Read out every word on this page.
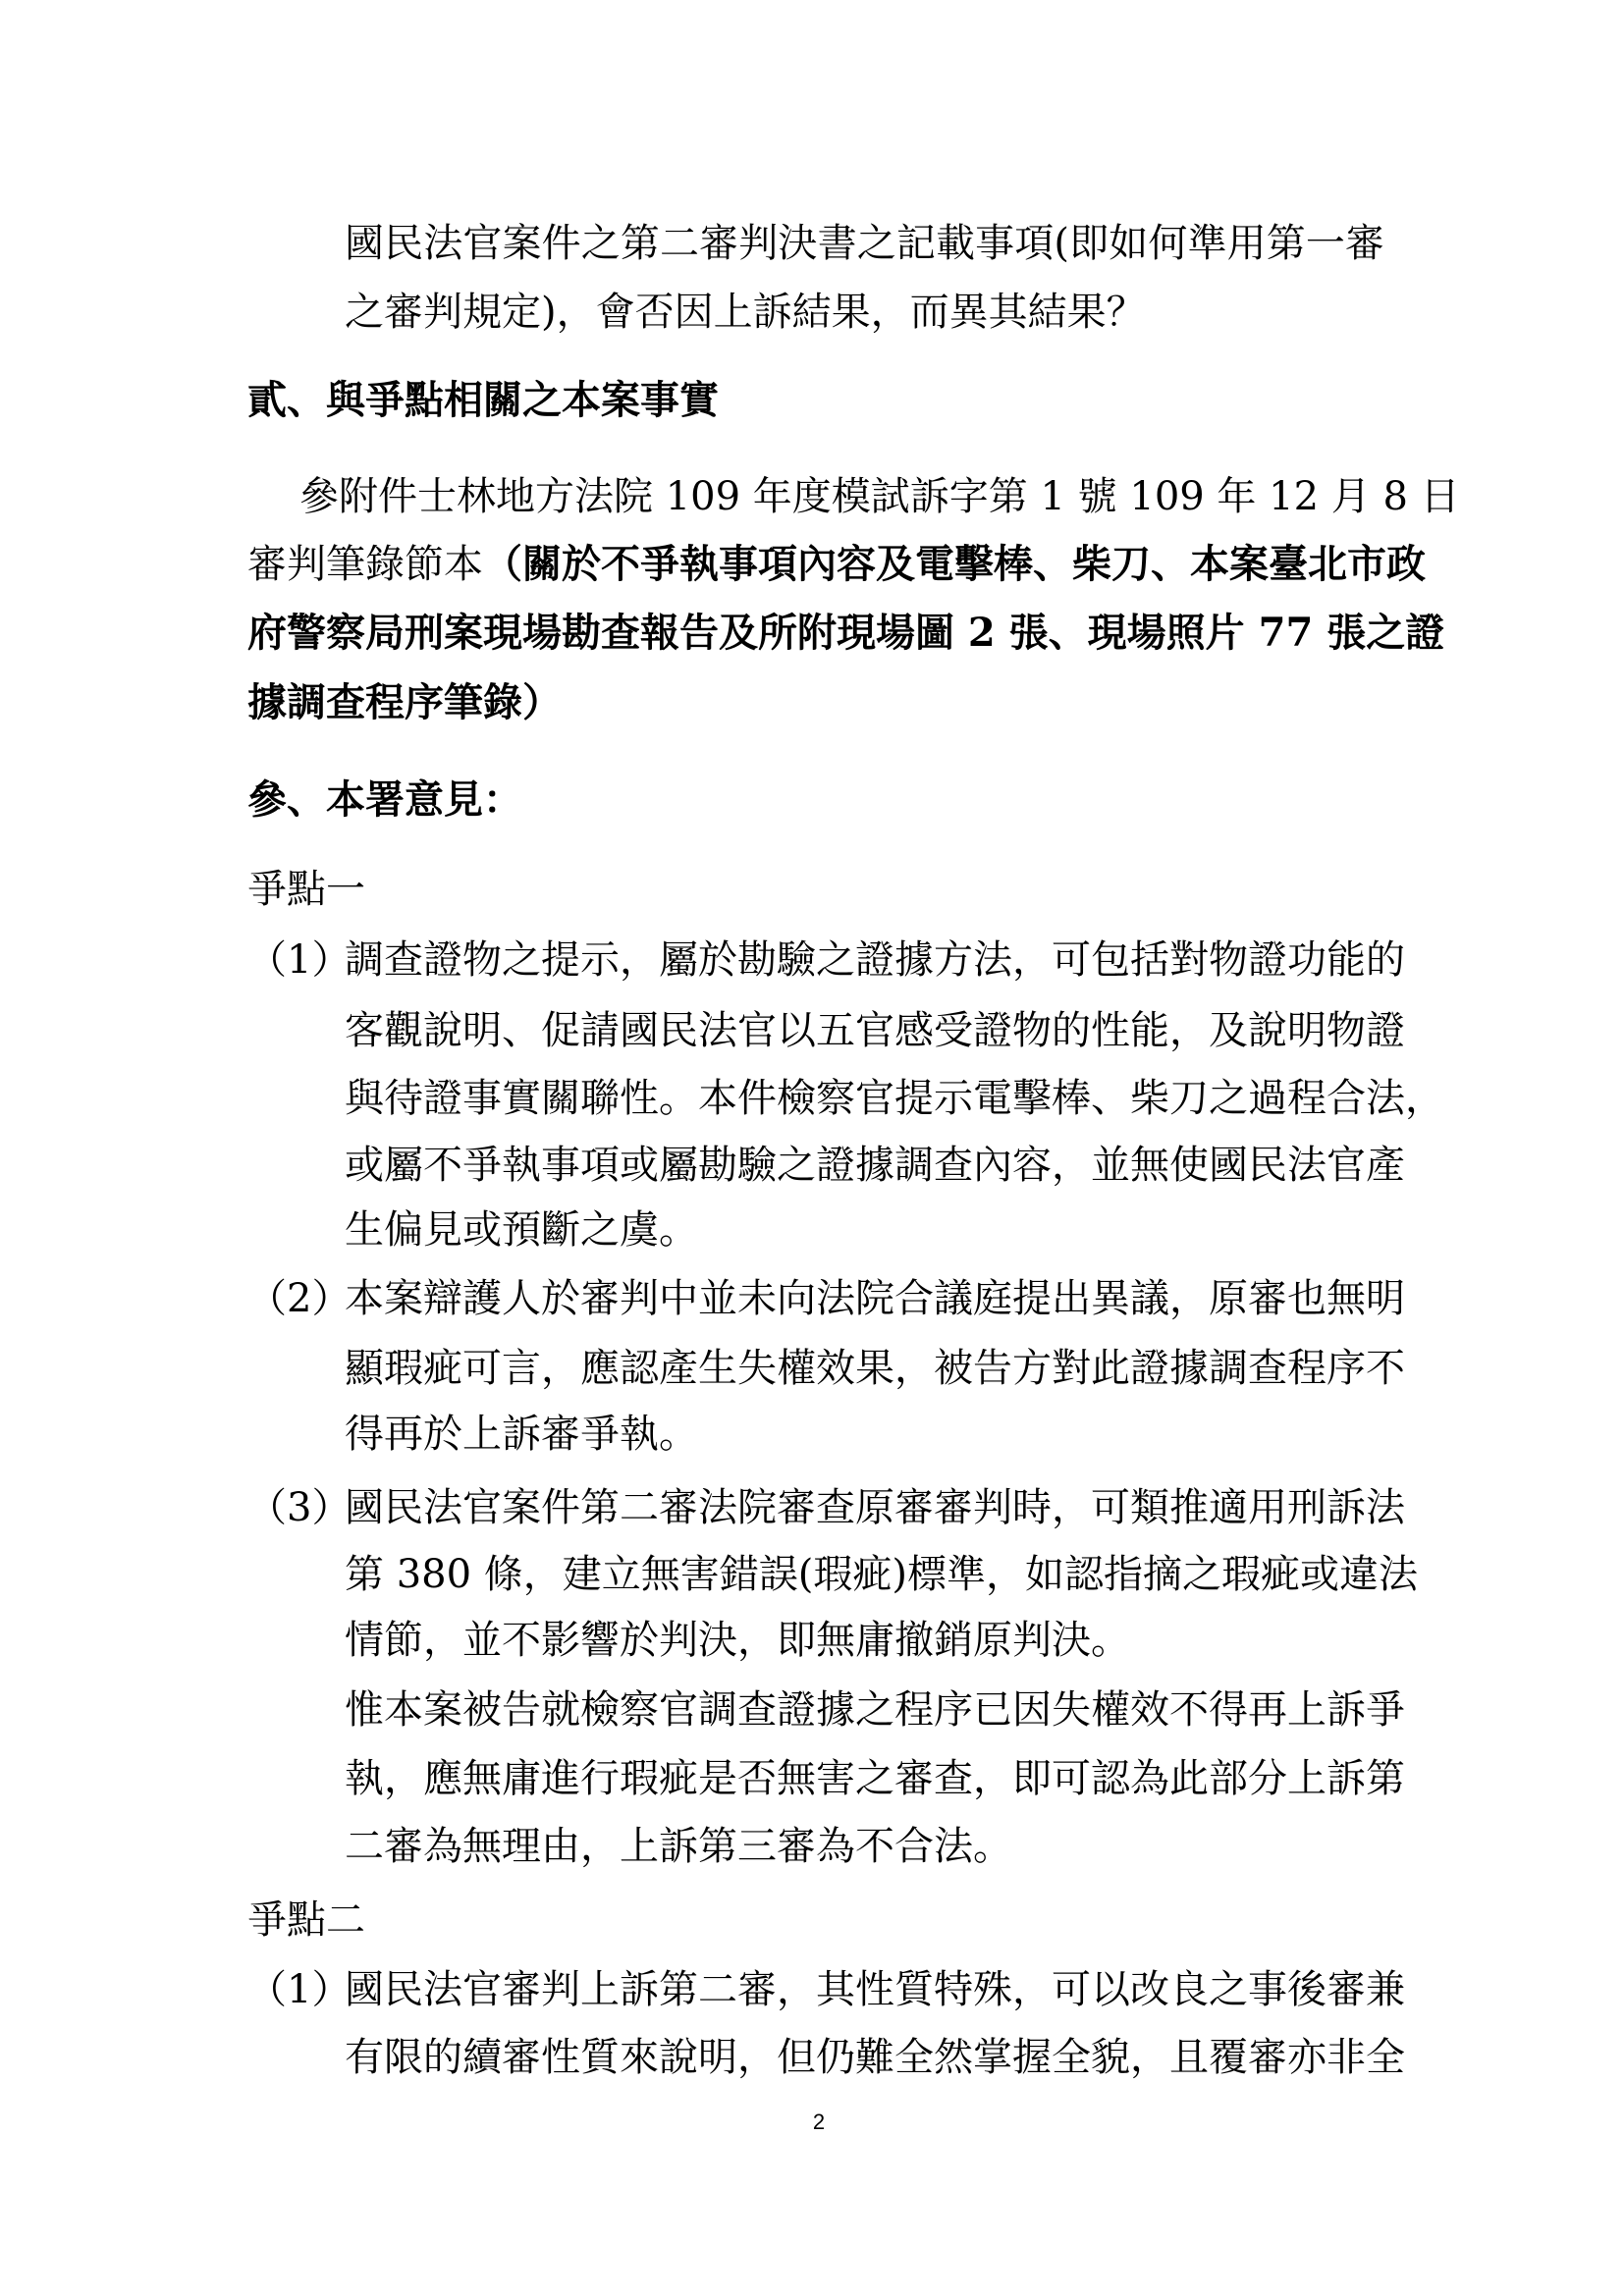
國民法官案件之第二審判決書之記載事項(即如何準用第一審
之審判規定)，會否因上訴結果，而異其結果？
貳、與爭點相關之本案事實
參附件士林地方法院 109 年度模試訴字第 1 號 109 年 12 月 8 日
審判筆錄節本（關於不爭執事項內容及電擊棒、柴刀、本案臺北市政
府警察局刑案現場勘查報告及所附現場圖 2 張、現場照片 77 張之證
據調查程序筆錄）
參、本署意見：
爭點一
（1）
調查證物之提示，屬於勘驗之證據方法，可包括對物證功能的
客觀說明、促請國民法官以五官感受證物的性能，及說明物證
與待證事實關聯性。本件檢察官提示電擊棒、柴刀之過程合法，
或屬不爭執事項或屬勘驗之證據調查內容，並無使國民法官產
生偏見或預斷之虞。
（2）
本案辯護人於審判中並未向法院合議庭提出異議，原審也無明
顯瑕疵可言，應認產生失權效果，被告方對此證據調查程序不
得再於上訴審爭執。
（3）
國民法官案件第二審法院審查原審審判時，可類推適用刑訴法
第 380 條，建立無害錯誤(瑕疵)標準，如認指摘之瑕疵或違法
情節，並不影響於判決，即無庸撤銷原判決。
惟本案被告就檢察官調查證據之程序已因失權效不得再上訴爭
執，應無庸進行瑕疵是否無害之審查，即可認為此部分上訴第
二審為無理由，上訴第三審為不合法。
爭點二
（1）
國民法官審判上訴第二審，其性質特殊，可以改良之事後審兼
有限的續審性質來說明，但仍難全然掌握全貌，且覆審亦非全
2
